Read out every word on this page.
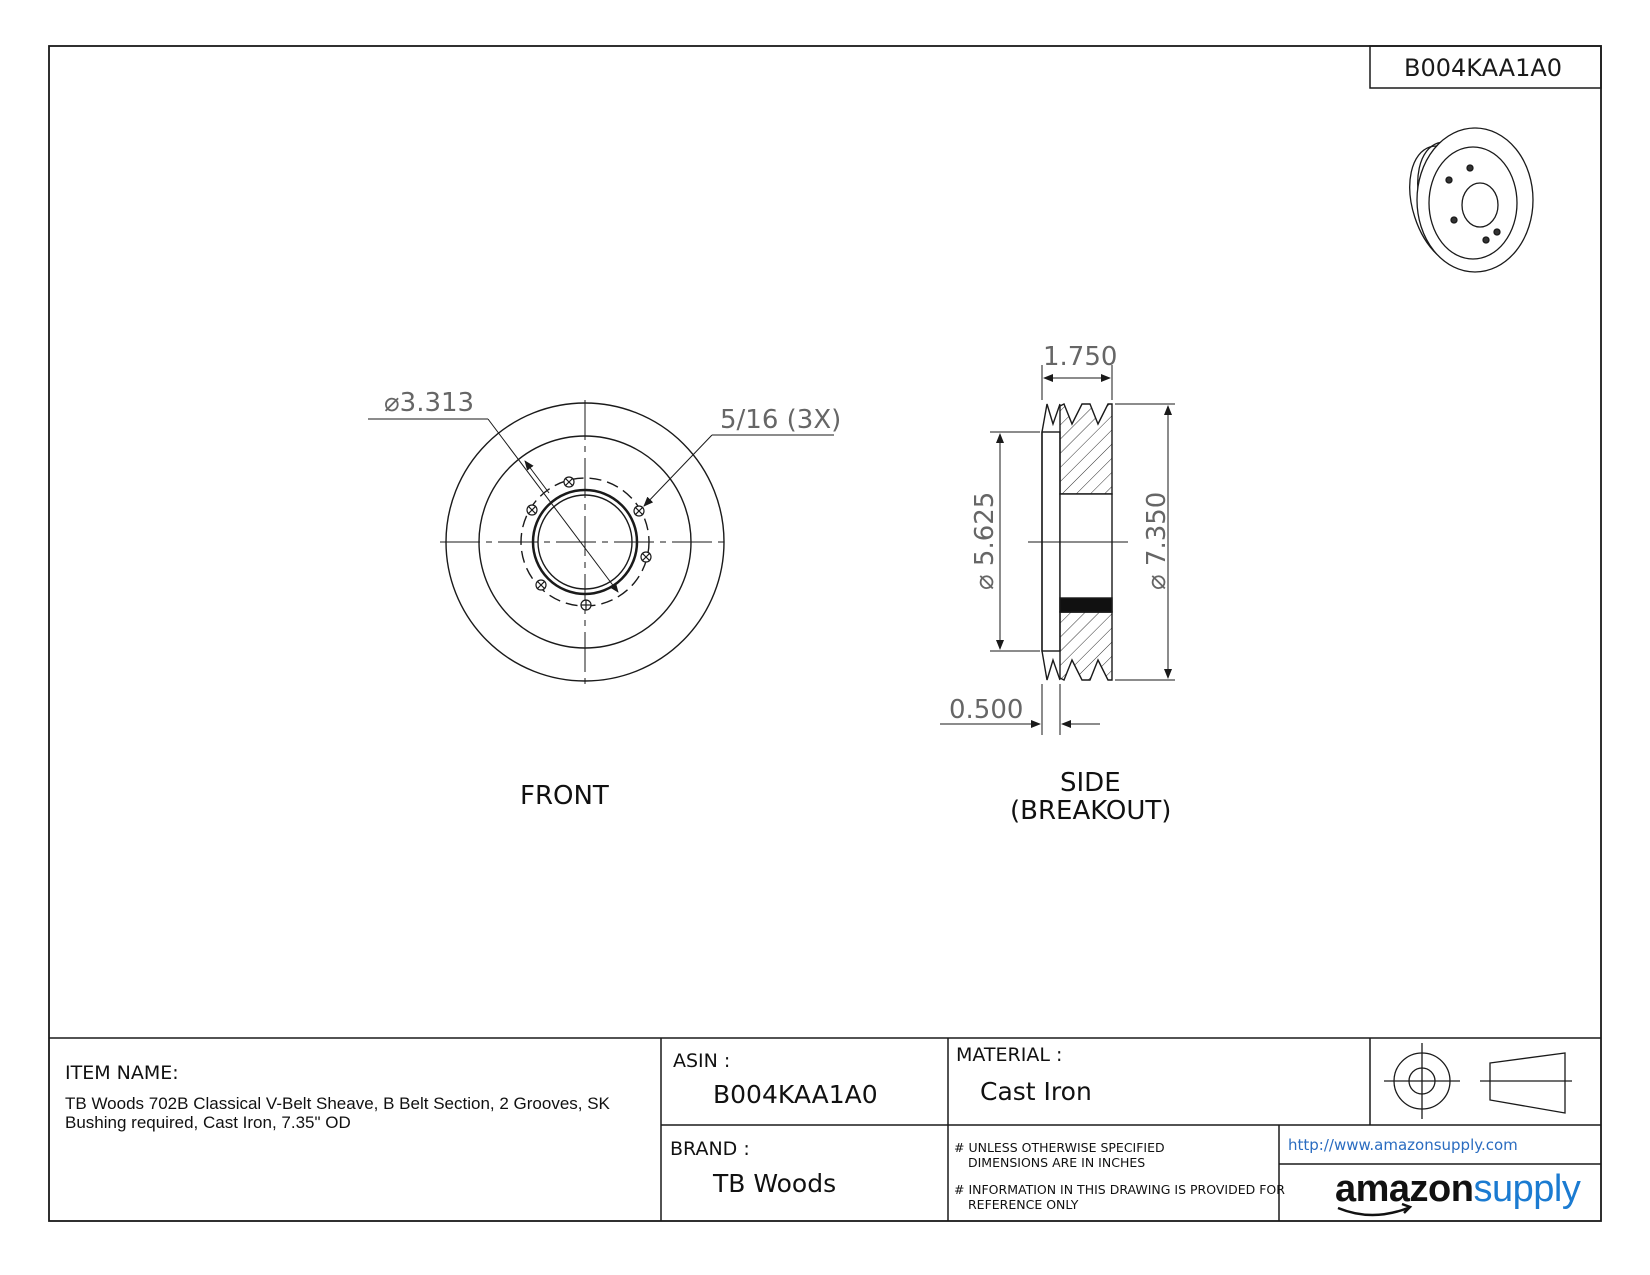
B004KAA1A0
⌀3.313
5/16 (3X)
FRONT
1.750
⌀ 5.625
⌀ 7.350
0.500
SIDE
(BREAKOUT)
ITEM NAME:
TB Woods 702B Classical V-Belt Sheave, B Belt Section, 2 Grooves, SK Bushing required, Cast Iron, 7.35" OD
ASIN :
B004KAA1A0
BRAND :
TB Woods
MATERIAL :
Cast Iron
# UNLESS OTHERWISE SPECIFIED
DIMENSIONS ARE IN INCHES
# INFORMATION IN THIS DRAWING IS PROVIDED FOR
REFERENCE ONLY
http://www.amazonsupply.com
amazonsupply
